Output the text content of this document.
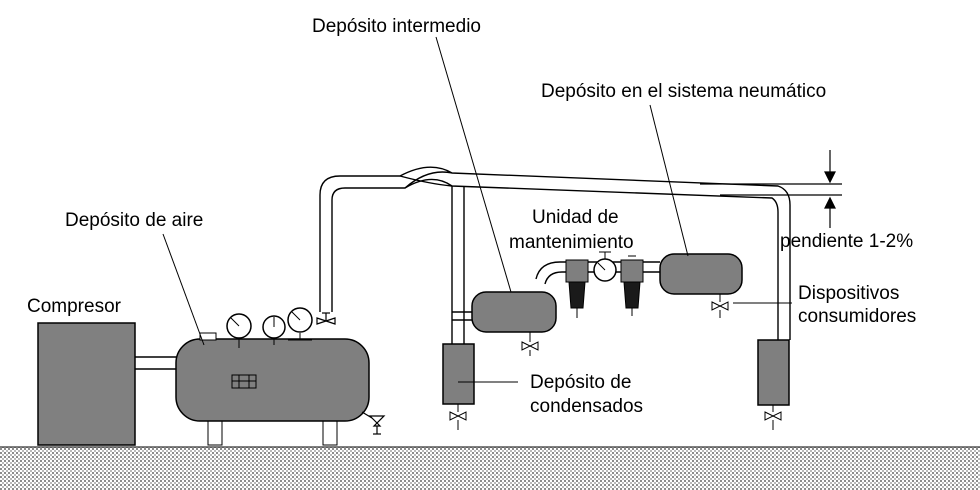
Depósito intermedio
Depósito en el sistema neumático
Depósito de aire	Unidad de
mantenimiento	pendiente 1-2%
Compresor
Dispositivos
consumidores
Depósito de
condensados
